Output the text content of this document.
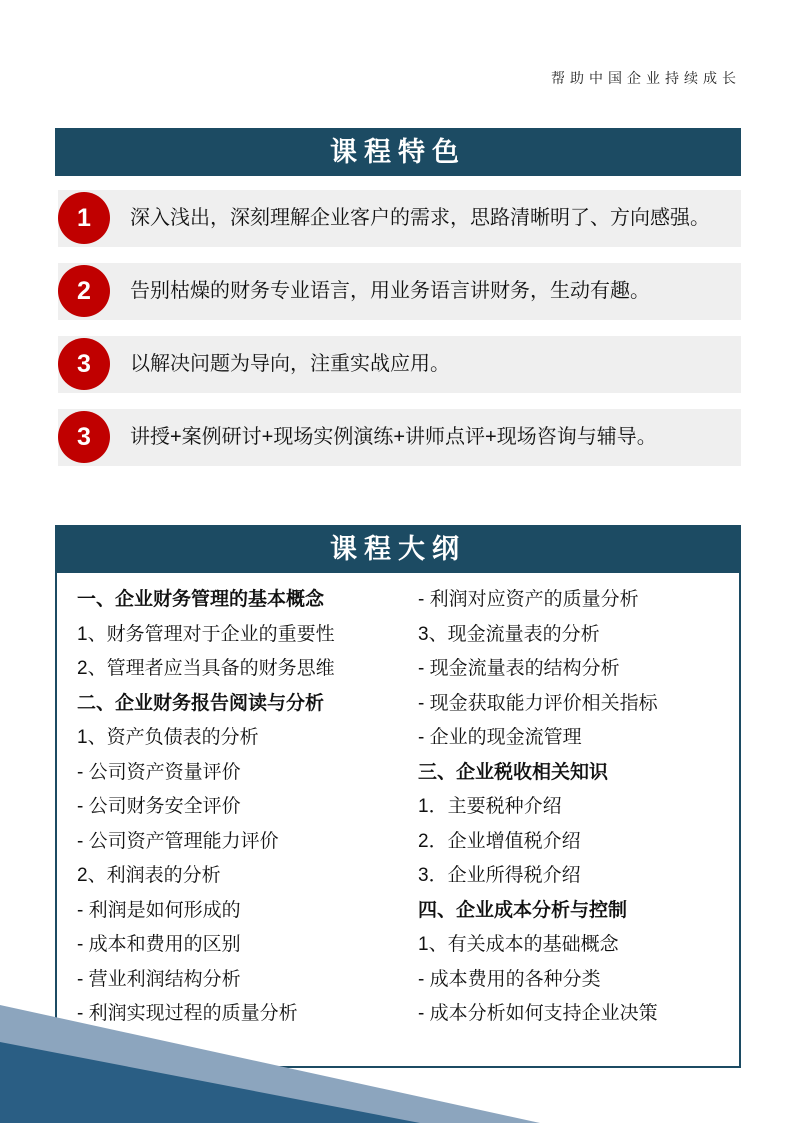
帮助中国企业持续成长
课程特色
1	深入浅出，深刻理解企业客户的需求，思路清晰明了、方向感强。
2	告别枯燥的财务专业语言，用业务语言讲财务，生动有趣。
3	以解决问题为导向，注重实战应用。
3	讲授+案例研讨+现场实例演练+讲师点评+现场咨询与辅导。
课程大纲
一、企业财务管理的基本概念
1、财务管理对于企业的重要性
2、管理者应当具备的财务思维
二、企业财务报告阅读与分析
1、资产负债表的分析
- 公司资产资量评价
- 公司财务安全评价
- 公司资产管理能力评价
2、利润表的分析
- 利润是如何形成的
- 成本和费用的区别
- 营业利润结构分析
- 利润实现过程的质量分析
- 利润对应资产的质量分析
3、现金流量表的分析
- 现金流量表的结构分析
- 现金获取能力评价相关指标
- 企业的现金流管理
三、企业税收相关知识
1．主要税种介绍
2．企业增值税介绍
3．企业所得税介绍
四、企业成本分析与控制
1、有关成本的基础概念
- 成本费用的各种分类
- 成本分析如何支持企业决策
